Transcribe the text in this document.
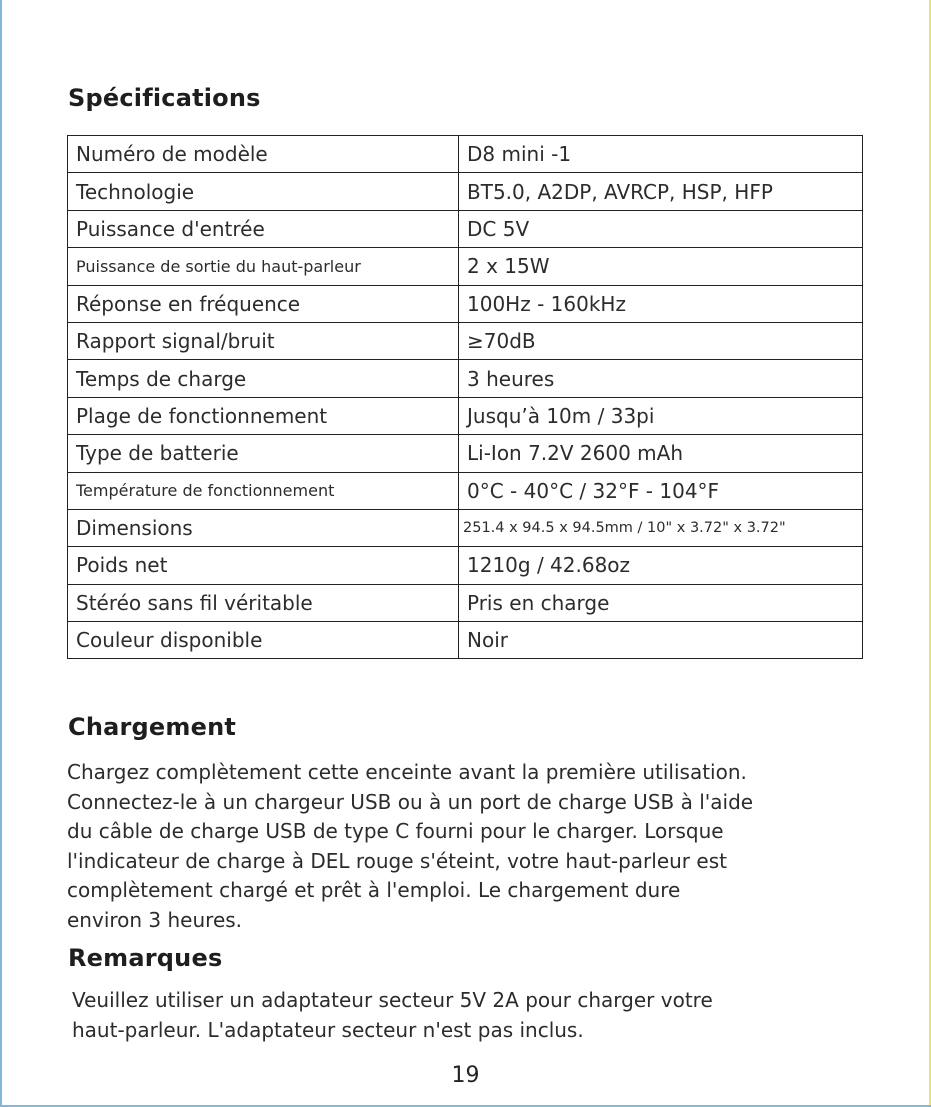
Spécifications
Numéro de modèle	D8 mini -1
Technologie	BT5.0, A2DP, AVRCP, HSP, HFP
Puissance d'entrée	DC 5V
Puissance de sortie du haut-parleur	2 x 15W
Réponse en fréquence	100Hz - 160kHz
Rapport signal/bruit	≥70dB
Temps de charge	3 heures
Plage de fonctionnement	Jusqu’à 10m / 33pi
Type de batterie	Li-Ion 7.2V 2600 mAh
Température de fonctionnement	0°C - 40°C / 32°F - 104°F
Dimensions	251.4 x 94.5 x 94.5mm / 10" x 3.72" x 3.72"
Poids net	1210g / 42.68oz
Stéréo sans fil véritable	Pris en charge
Couleur disponible	Noir
Chargement

Chargez complètement cette enceinte avant la première utilisation.
Connectez-le à un chargeur USB ou à un port de charge USB à l'aide
du câble de charge USB de type C fourni pour le charger. Lorsque
l'indicateur de charge à DEL rouge s'éteint, votre haut-parleur est
complètement chargé et prêt à l'emploi. Le chargement dure
environ 3 heures.

Remarques

Veuillez utiliser un adaptateur secteur 5V 2A pour charger votre
haut-parleur. L'adaptateur secteur n'est pas inclus.

19
